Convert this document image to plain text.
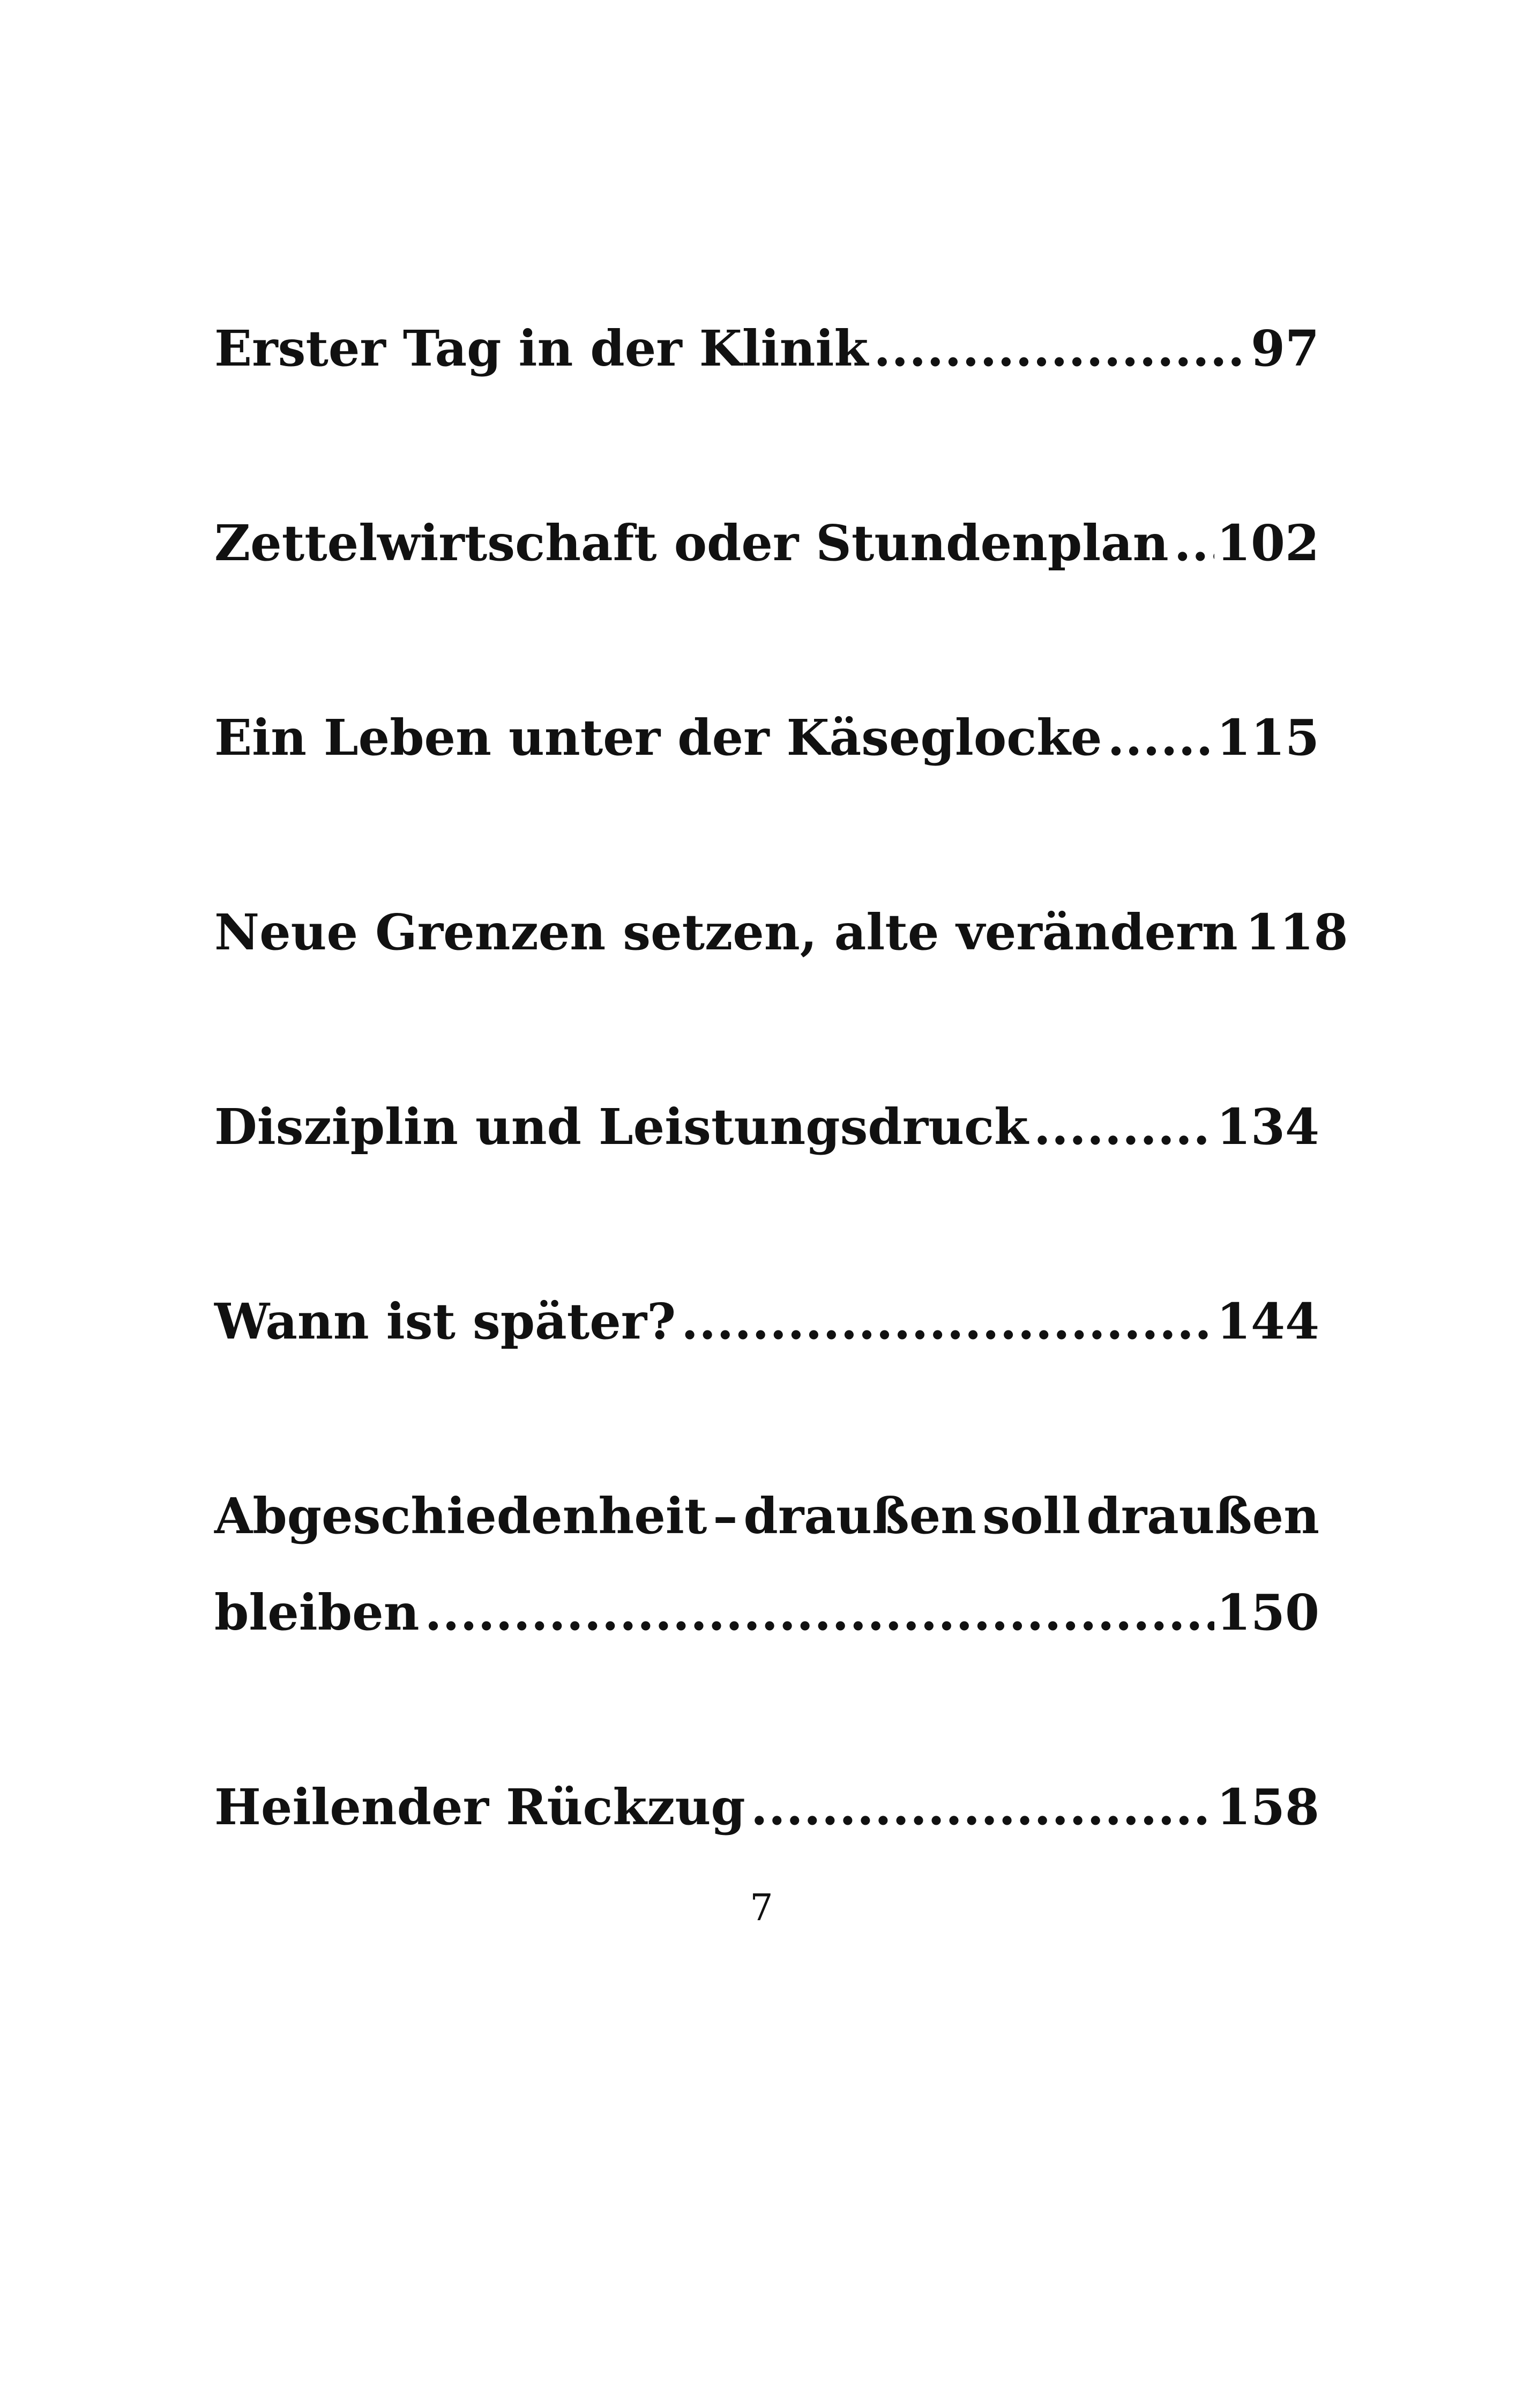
Erster Tag in der Klinik .....	97
Zettelwirtschaft oder Stundenplan ..... 102
Ein Leben unter der Käseglocke ..... 115
Neue Grenzen setzen, alte verändern 118
Disziplin und Leistungsdruck .....	134
Wann ist später? .....	144
Abgeschiedenheit – draußen soll draußen
bleiben .....	150
Heilender Rückzug .....	158
7
